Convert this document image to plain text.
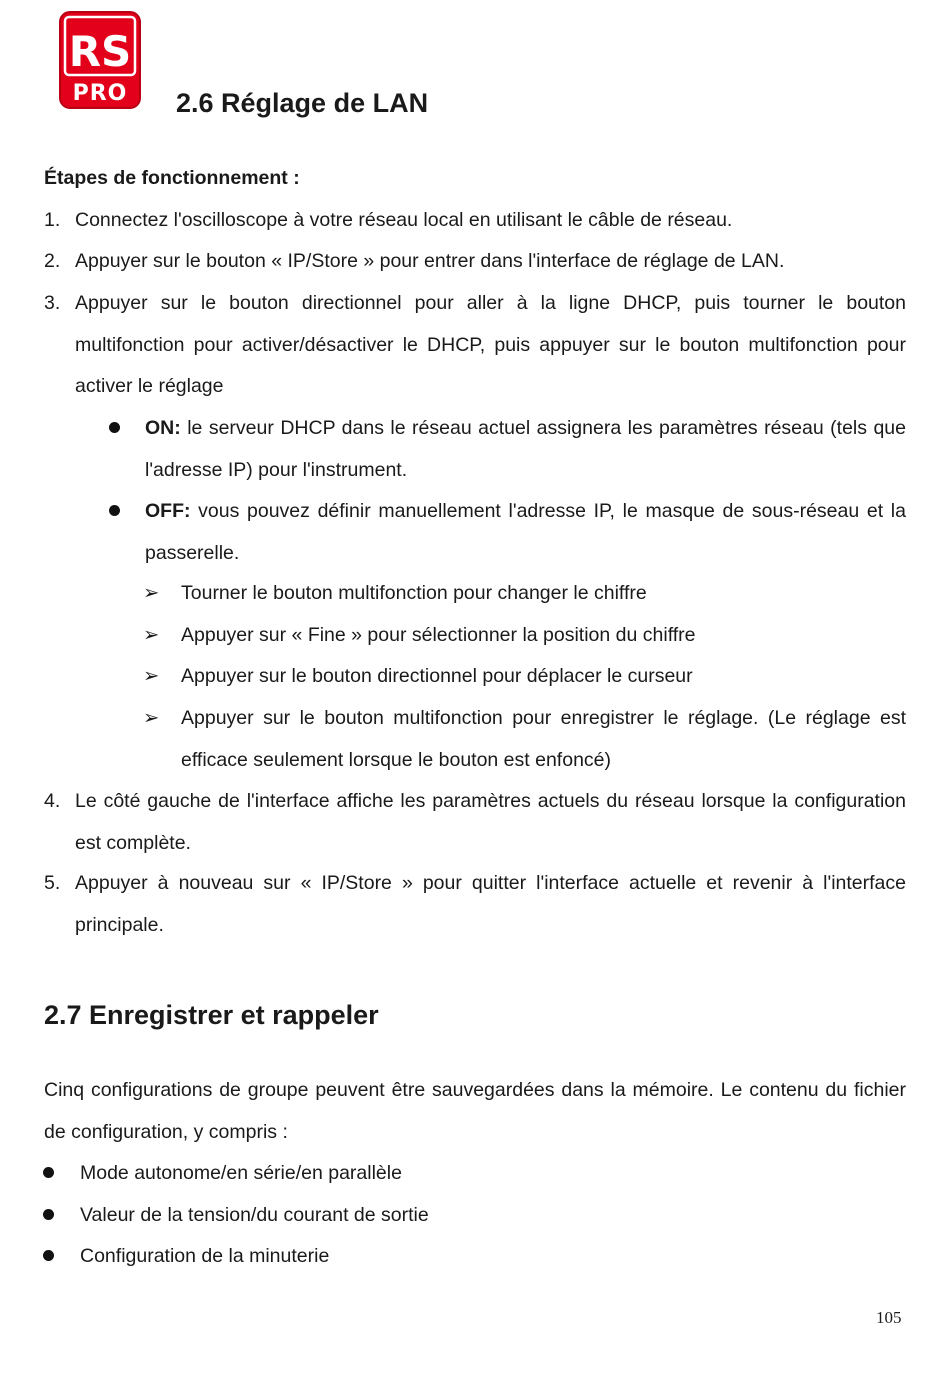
RS
PRO 2.6 Réglage de LAN
Étapes de fonctionnement :
1. Connectez l'oscilloscope à votre réseau local en utilisant le câble de réseau.
2. Appuyer sur le bouton « IP/Store » pour entrer dans l'interface de réglage de LAN.
3. Appuyer sur le bouton directionnel pour aller à la ligne DHCP, puis tourner le bouton multifonction pour activer/désactiver le DHCP, puis appuyer sur le bouton multifonction pour activer le réglage
ON: le serveur DHCP dans le réseau actuel assignera les paramètres réseau (tels que l'adresse IP) pour l'instrument.
OFF: vous pouvez définir manuellement l'adresse IP, le masque de sous-réseau et la passerelle.
➢ Tourner le bouton multifonction pour changer le chiffre
➢ Appuyer sur « Fine » pour sélectionner la position du chiffre
➢ Appuyer sur le bouton directionnel pour déplacer le curseur
➢ Appuyer sur le bouton multifonction pour enregistrer le réglage. (Le réglage est efficace seulement lorsque le bouton est enfoncé)
4. Le côté gauche de l'interface affiche les paramètres actuels du réseau lorsque la configuration est complète.
5. Appuyer à nouveau sur « IP/Store » pour quitter l'interface actuelle et revenir à l'interface principale.
2.7 Enregistrer et rappeler
Cinq configurations de groupe peuvent être sauvegardées dans la mémoire. Le contenu du fichier de configuration, y compris :
Mode autonome/en série/en parallèle
Valeur de la tension/du courant de sortie
Configuration de la minuterie
105
